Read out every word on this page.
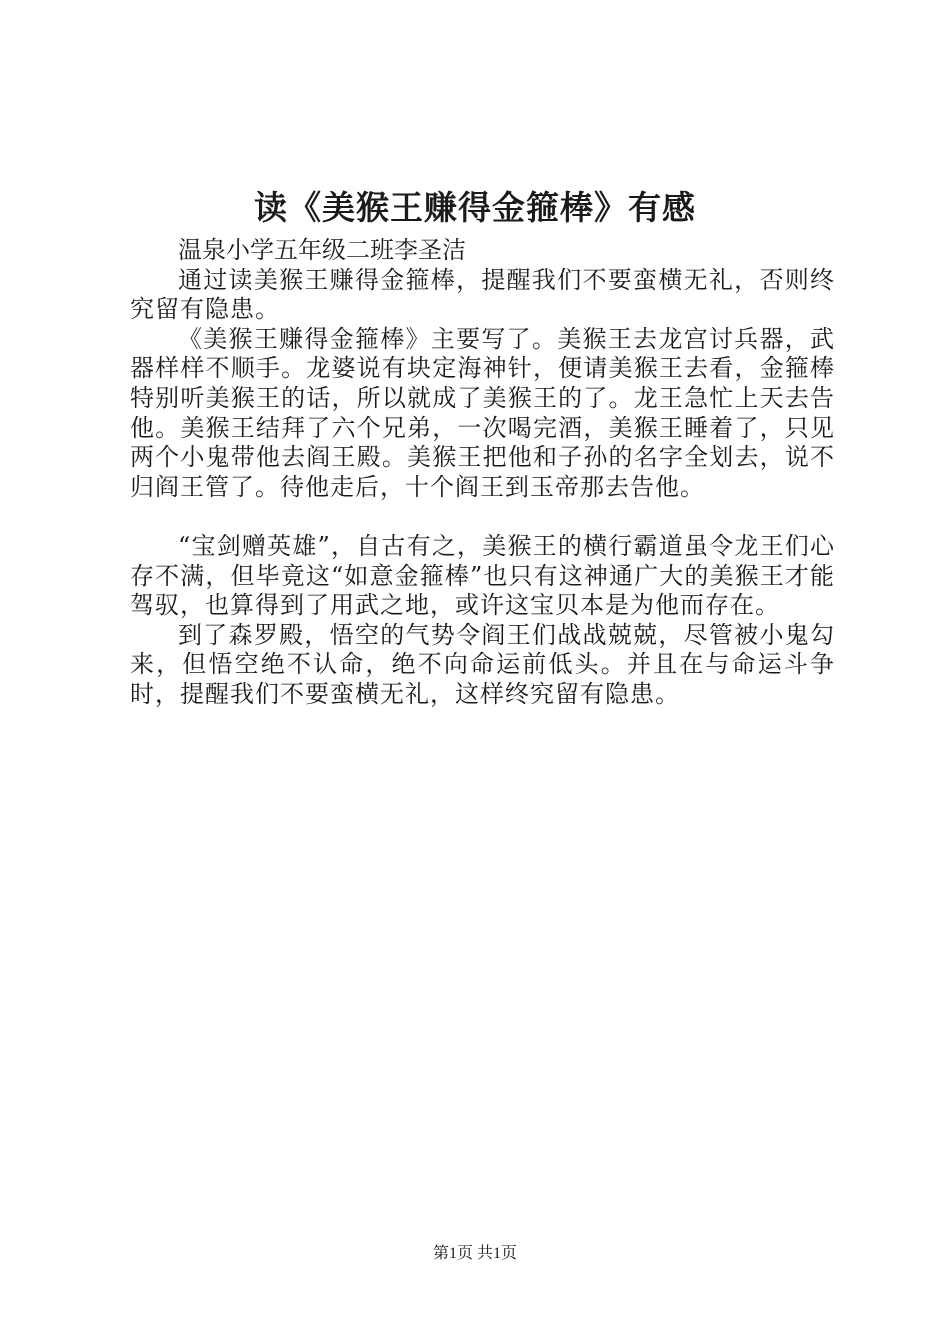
读《美猴王赚得金箍棒》有感

温泉小学五年级二班李圣洁

通过读美猴王赚得金箍棒，提醒我们不要蛮横无礼，否则终究留有隐患。

《美猴王赚得金箍棒》主要写了。美猴王去龙宫讨兵器，武器样样不顺手。龙婆说有块定海神针，便请美猴王去看，金箍棒特别听美猴王的话，所以就成了美猴王的了。龙王急忙上天去告他。美猴王结拜了六个兄弟，一次喝完酒，美猴王睡着了，只见两个小鬼带他去阎王殿。美猴王把他和子孙的名字全划去，说不归阎王管了。待他走后，十个阎王到玉帝那去告他。

“宝剑赠英雄”，自古有之，美猴王的横行霸道虽令龙王们心存不满，但毕竟这“如意金箍棒”也只有这神通广大的美猴王才能驾驭，也算得到了用武之地，或许这宝贝本是为他而存在。

到了森罗殿，悟空的气势令阎王们战战兢兢，尽管被小鬼勾来，但悟空绝不认命，绝不向命运前低头。并且在与命运斗争时，提醒我们不要蛮横无礼，这样终究留有隐患。

第1页 共1页
